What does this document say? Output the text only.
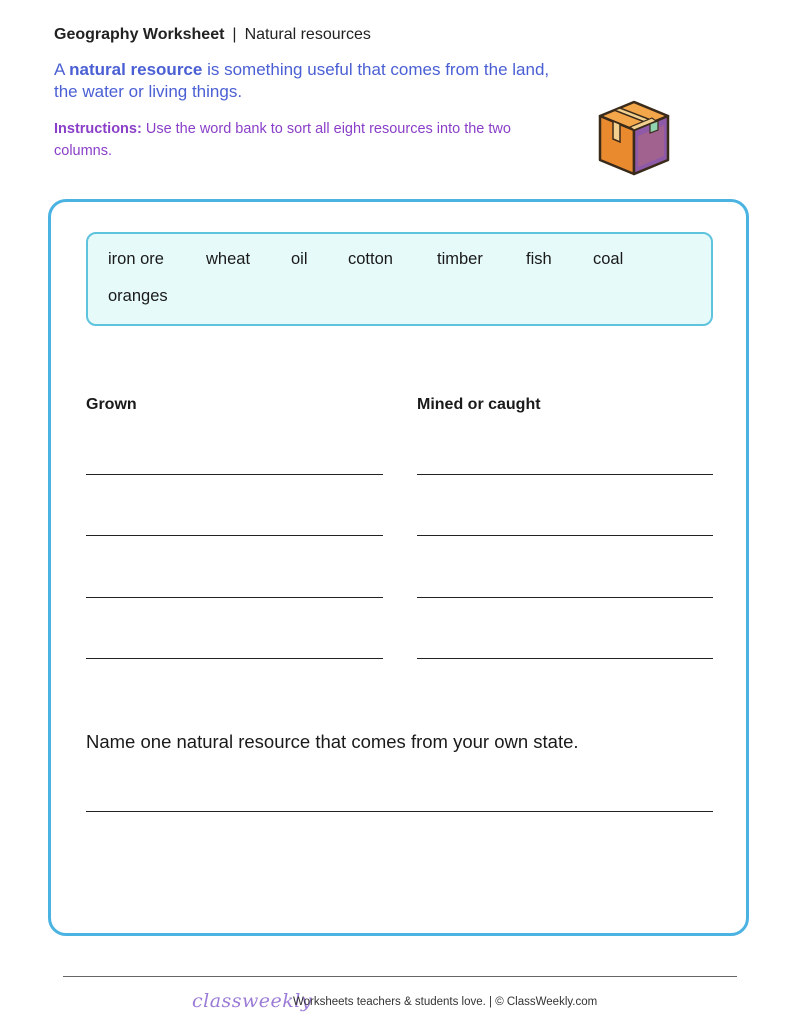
Geography Worksheet | Natural resources
A natural resource is something useful that comes from the land, the water or living things.
Instructions: Use the word bank to sort all eight resources into the two columns.
iron ore	wheat oil cotton	timber	fish	coal
oranges
Grown	Mined or caught
Name one natural resource that comes from your own state.
classweekly
Worksheets teachers & students love. | © ClassWeekly.com
